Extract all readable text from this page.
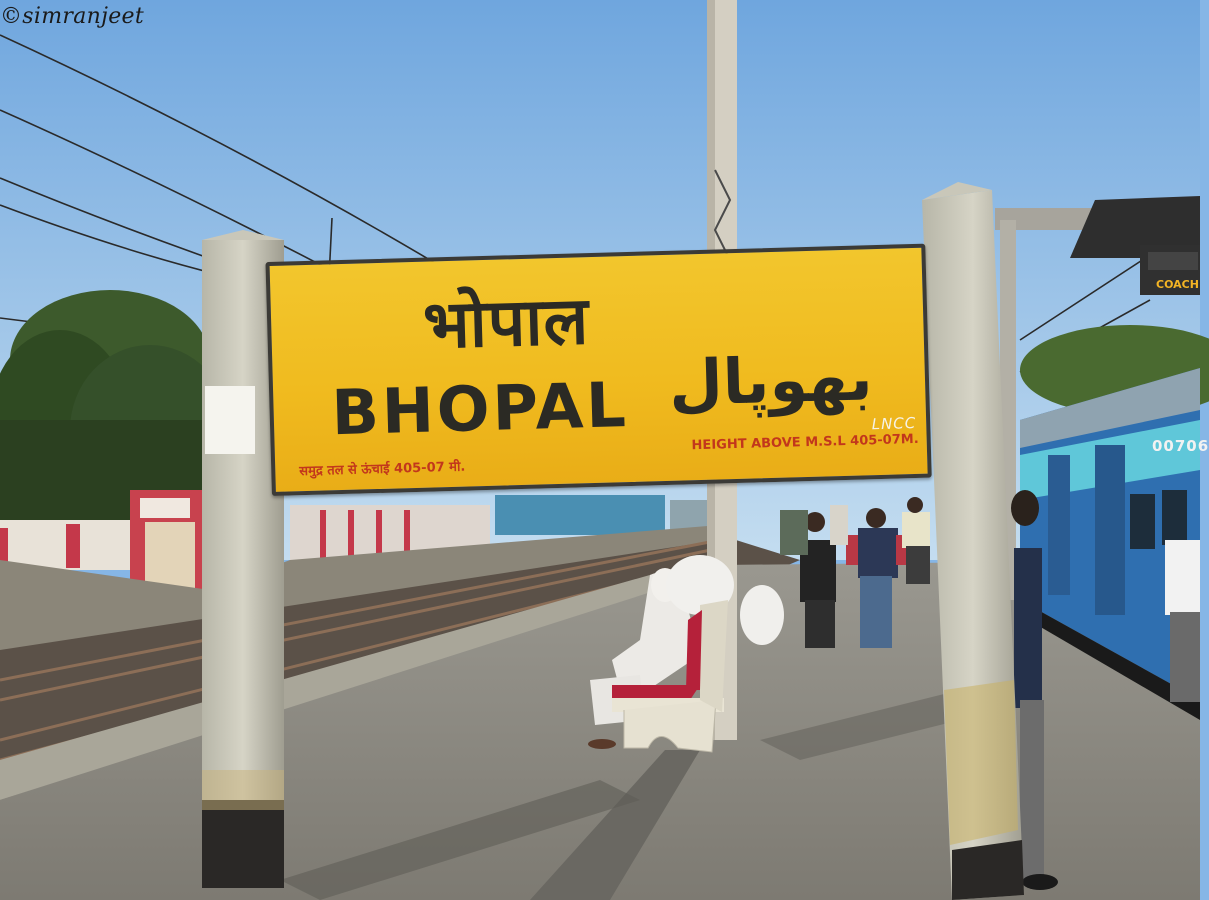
©simranjeet
भोपाल
BHOPAL بھوپال
LNCC
समुद्र तल से ऊंचाई 405-07 मी.
HEIGHT ABOVE M.S.L 405-07M.
COACH
00706
